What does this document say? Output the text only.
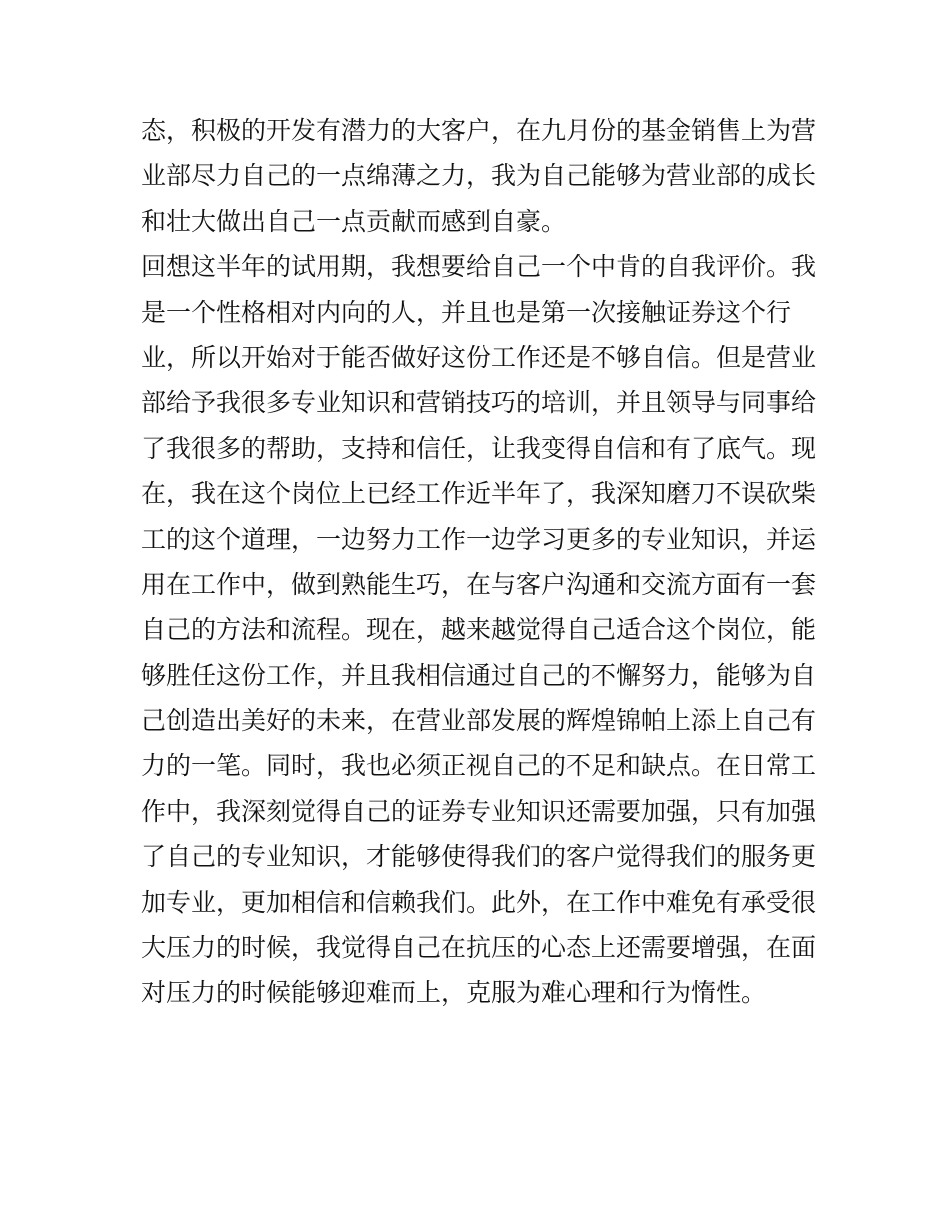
态，积极的开发有潜力的大客户，在九月份的基金销售上为营
业部尽力自己的一点绵薄之力，我为自己能够为营业部的成长
和壮大做出自己一点贡献而感到自豪。
回想这半年的试用期，我想要给自己一个中肯的自我评价。我
是一个性格相对内向的人，并且也是第一次接触证券这个行
业，所以开始对于能否做好这份工作还是不够自信。但是营业
部给予我很多专业知识和营销技巧的培训，并且领导与同事给
了我很多的帮助，支持和信任，让我变得自信和有了底气。现
在，我在这个岗位上已经工作近半年了，我深知磨刀不误砍柴
工的这个道理，一边努力工作一边学习更多的专业知识，并运
用在工作中，做到熟能生巧，在与客户沟通和交流方面有一套
自己的方法和流程。现在，越来越觉得自己适合这个岗位，能
够胜任这份工作，并且我相信通过自己的不懈努力，能够为自
己创造出美好的未来，在营业部发展的辉煌锦帕上添上自己有
力的一笔。同时，我也必须正视自己的不足和缺点。在日常工
作中，我深刻觉得自己的证券专业知识还需要加强，只有加强
了自己的专业知识，才能够使得我们的客户觉得我们的服务更
加专业，更加相信和信赖我们。此外，在工作中难免有承受很
大压力的时候，我觉得自己在抗压的心态上还需要增强，在面
对压力的时候能够迎难而上，克服为难心理和行为惰性。
